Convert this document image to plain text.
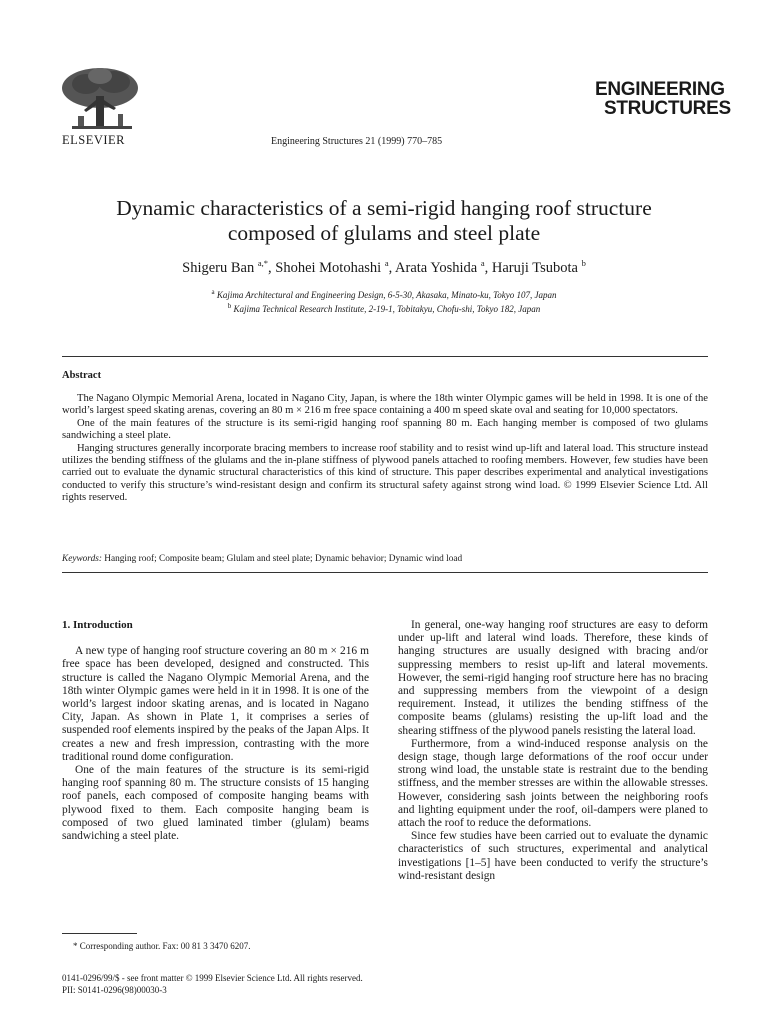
ELSEVIER	Engineering Structures 21 (1999) 770–785
ENGINEERING
STRUCTURES
Dynamic characteristics of a semi-rigid hanging roof structure
composed of glulams and steel plate
Shigeru Ban $^{a,*}$, Shohei Motohashi $^a$, Arata Yoshida $^a$, Haruji Tsubota $^b$
$^a$ Kajima Architectural and Engineering Design, 6-5-30, Akasaka, Minato-ku, Tokyo 107, Japan
$^b$ Kajima Technical Research Institute, 2-19-1, Tobitakyu, Chofu-shi, Tokyo 182, Japan
Abstract

The Nagano Olympic Memorial Arena, located in Nagano City, Japan, is where the 18th winter Olympic games will be held in 1998. It is one of the world’s largest speed skating arenas, covering an 80 m × 216 m free space containing a 400 m speed skate oval and seating for 10,000 spectators.

One of the main features of the structure is its semi-rigid hanging roof spanning 80 m. Each hanging member is composed of two glulams sandwiching a steel plate.

Hanging structures generally incorporate bracing members to increase roof stability and to resist wind up-lift and lateral load. This structure instead utilizes the bending stiffness of the glulams and the in-plane stiffness of plywood panels attached to roofing members. However, few studies have been carried out to evaluate the dynamic structural characteristics of this kind of structure. This paper describes experimental and analytical investigations conducted to verify this structure’s wind-resistant design and confirm its structural safety against strong wind load. © 1999 Elsevier Science Ltd. All rights reserved.

Keywords: Hanging roof; Composite beam; Glulam and steel plate; Dynamic behavior; Dynamic wind load
1. Introduction

A new type of hanging roof structure covering an 80 m × 216 m free space has been developed, designed and constructed. This structure is called the Nagano Olympic Memorial Arena, and the 18th winter Olympic games were held in it in 1998. It is one of the world’s largest indoor skating arenas, and is located in Nagano City, Japan. As shown in Plate 1, it comprises a series of suspended roof elements inspired by the peaks of the Japan Alps. It creates a new and fresh impression, contrasting with the more traditional round dome configuration.

One of the main features of the structure is its semi-rigid hanging roof spanning 80 m. The structure consists of 15 hanging roof panels, each composed of composite hanging beams with plywood fixed to them. Each composite hanging beam is composed of two glued laminated timber (glulam) beams sandwiching a steel plate.

In general, one-way hanging roof structures are easy to deform under up-lift and lateral wind loads. Therefore, these kinds of hanging structures are usually designed with bracing and/or suppressing members to resist up-lift and lateral movements. However, the semi-rigid hanging roof structure here has no bracing and suppressing members from the viewpoint of a design requirement. Instead, it utilizes the bending stiffness of the composite beams (glulams) resisting the up-lift load and the shearing stiffness of the plywood panels resisting the lateral load.

Furthermore, from a wind-induced response analysis on the design stage, though large deformations of the roof occur under strong wind load, the unstable state is restraint due to the bending stiffness, and the member stresses are within the allowable stresses. However, considering sash joints between the neighboring roofs and lighting equipment under the roof, oil-dampers were planed to attach the roof to reduce the deformations.

Since few studies have been carried out to evaluate the dynamic characteristics of such structures, experimental and analytical investigations [1–5] have been conducted to verify the structure’s wind-resistant design

* Corresponding author. Fax: 00 81 3 3470 6207.
0141-0296/99/$ - see front matter © 1999 Elsevier Science Ltd. All rights reserved.
PII: S0141-0296(98)00030-3
